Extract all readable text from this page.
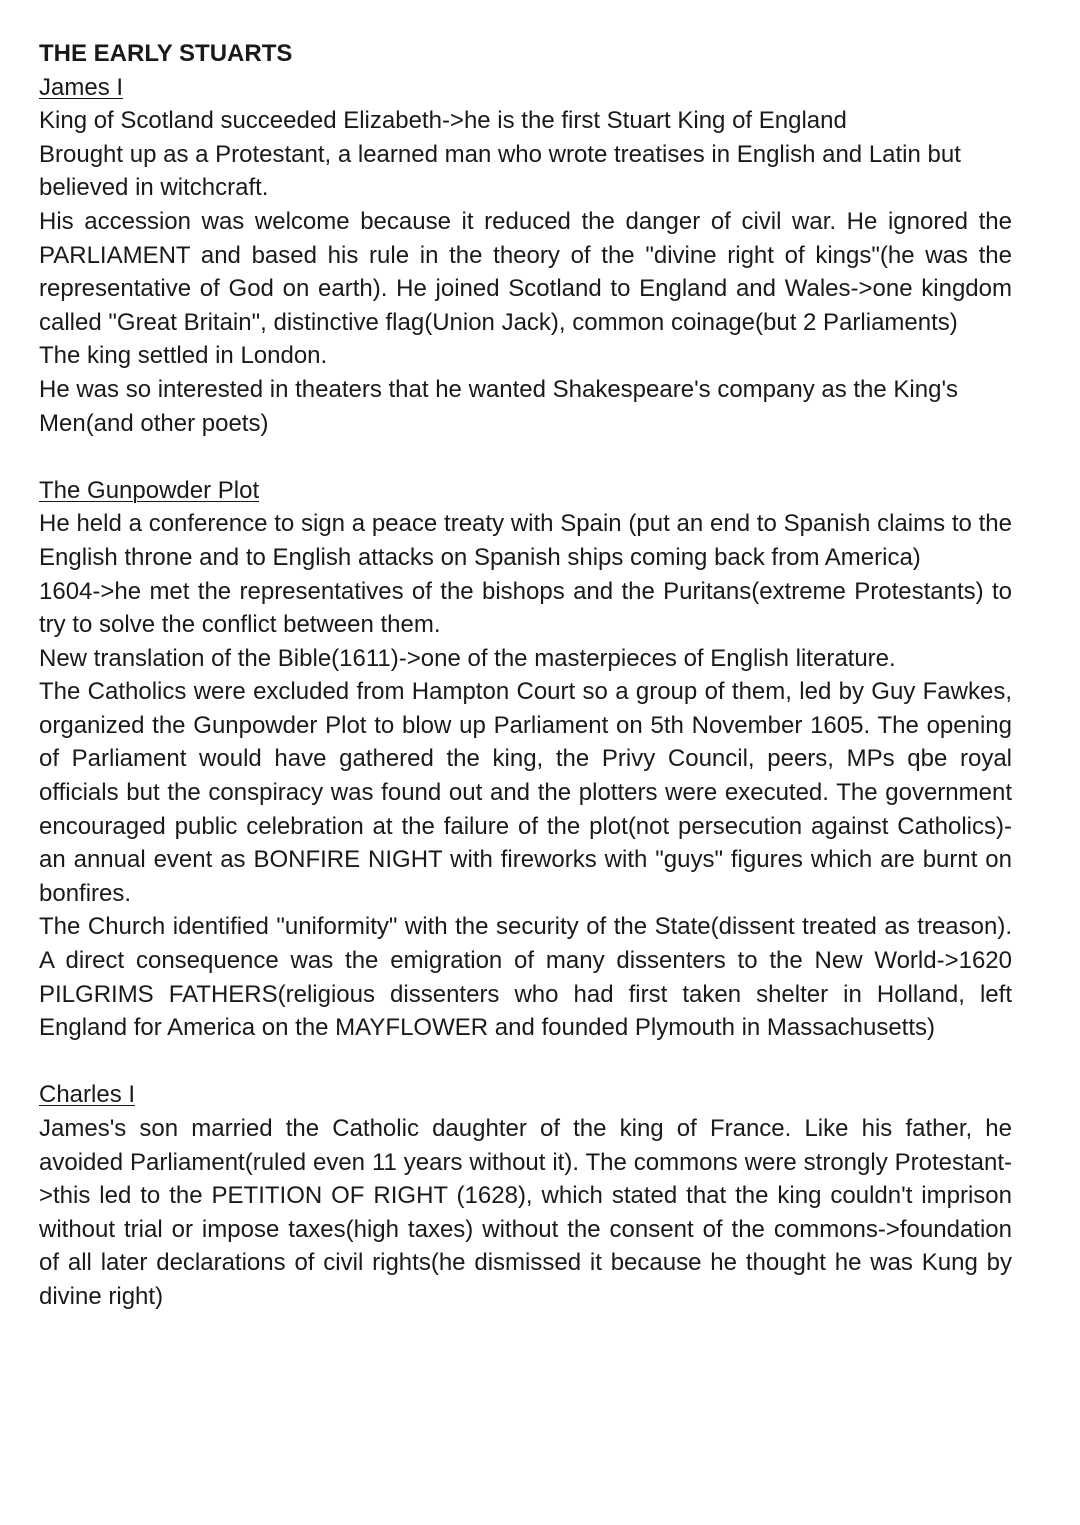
THE EARLY STUARTS
James I

King of Scotland succeeded Elizabeth->he is the first Stuart King of England

Brought up as a Protestant, a learned man who wrote treatises in English and Latin but believed in witchcraft.

His accession was welcome because it reduced the danger of civil war. He ignored the PARLIAMENT and based his rule in the theory of the "divine right of kings"(he was the representative of God on earth). He joined Scotland to England and Wales->one kingdom called "Great Britain", distinctive flag(Union Jack), common coinage(but 2 Parliaments)

The king settled in London.

He was so interested in theaters that he wanted Shakespeare's company as the King's Men(and other poets)

The Gunpowder Plot

He held a conference to sign a peace treaty with Spain (put an end to Spanish claims to the English throne and to English attacks on Spanish ships coming back from America)

1604->he met the representatives of the bishops and the Puritans(extreme Protestants) to try to solve the conflict between them.

New translation of the Bible(1611)->one of the masterpieces of English literature.

The Catholics were excluded from Hampton Court so a group of them, led by Guy Fawkes, organized the Gunpowder Plot to blow up Parliament on 5th November 1605. The opening of Parliament would have gathered the king, the Privy Council, peers, MPs qbe royal officials but the conspiracy was found out and the plotters were executed. The government encouraged public celebration at the failure of the plot(not persecution against Catholics)-an annual event as BONFIRE NIGHT with fireworks with "guys" figures which are burnt on bonfires.

The Church identified "uniformity" with the security of the State(dissent treated as treason). A direct consequence was the emigration of many dissenters to the New World->1620 PILGRIMS FATHERS(religious dissenters who had first taken shelter in Holland, left England for America on the MAYFLOWER and founded Plymouth in Massachusetts)

Charles I

James's son married the Catholic daughter of the king of France. Like his father, he avoided Parliament(ruled even 11 years without it). The commons were strongly Protestant->this led to the PETITION OF RIGHT (1628), which stated that the king couldn't imprison without trial or impose taxes(high taxes) without the consent of the commons->foundation of all later declarations of civil rights(he dismissed it because he thought he was Kung by divine right)
